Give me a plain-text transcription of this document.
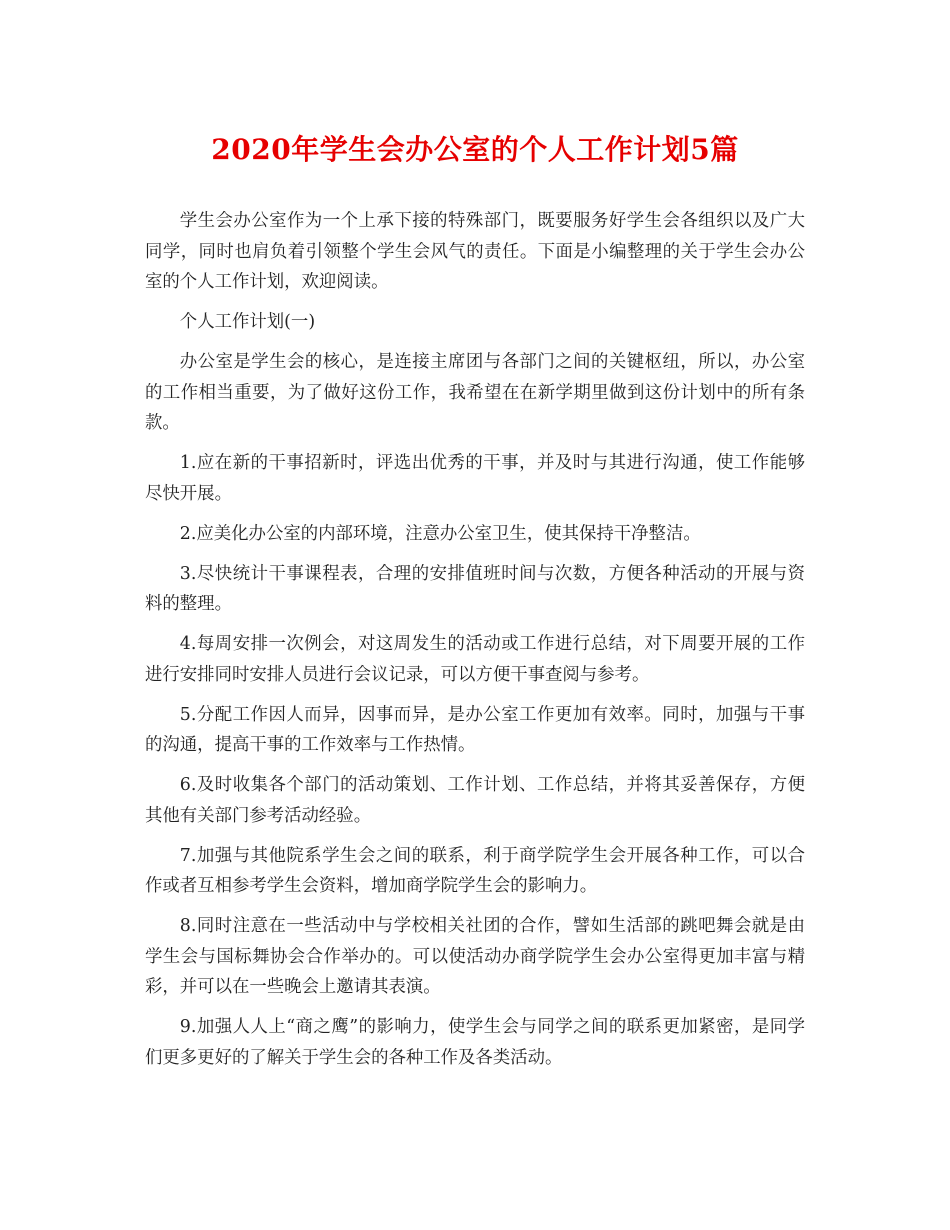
2020年学生会办公室的个人工作计划5篇

学生会办公室作为一个上承下接的特殊部门，既要服务好学生会各组织以及广大同学，同时也肩负着引领整个学生会风气的责任。下面是小编整理的关于学生会办公室的个人工作计划，欢迎阅读。

个人工作计划(一)

办公室是学生会的核心，是连接主席团与各部门之间的关键枢纽，所以，办公室的工作相当重要，为了做好这份工作，我希望在在新学期里做到这份计划中的所有条款。

1.应在新的干事招新时，评选出优秀的干事，并及时与其进行沟通，使工作能够尽快开展。

2.应美化办公室的内部环境，注意办公室卫生，使其保持干净整洁。

3.尽快统计干事课程表，合理的安排值班时间与次数，方便各种活动的开展与资料的整理。

4.每周安排一次例会，对这周发生的活动或工作进行总结，对下周要开展的工作进行安排同时安排人员进行会议记录，可以方便干事查阅与参考。

5.分配工作因人而异，因事而异，是办公室工作更加有效率。同时，加强与干事的沟通，提高干事的工作效率与工作热情。

6.及时收集各个部门的活动策划、工作计划、工作总结，并将其妥善保存，方便其他有关部门参考活动经验。

7.加强与其他院系学生会之间的联系，利于商学院学生会开展各种工作，可以合作或者互相参考学生会资料，增加商学院学生会的影响力。

8.同时注意在一些活动中与学校相关社团的合作，譬如生活部的跳吧舞会就是由学生会与国标舞协会合作举办的。可以使活动办商学院学生会办公室得更加丰富与精彩，并可以在一些晚会上邀请其表演。

9.加强人人上“商之鹰”的影响力，使学生会与同学之间的联系更加紧密，是同学们更多更好的了解关于学生会的各种工作及各类活动。
